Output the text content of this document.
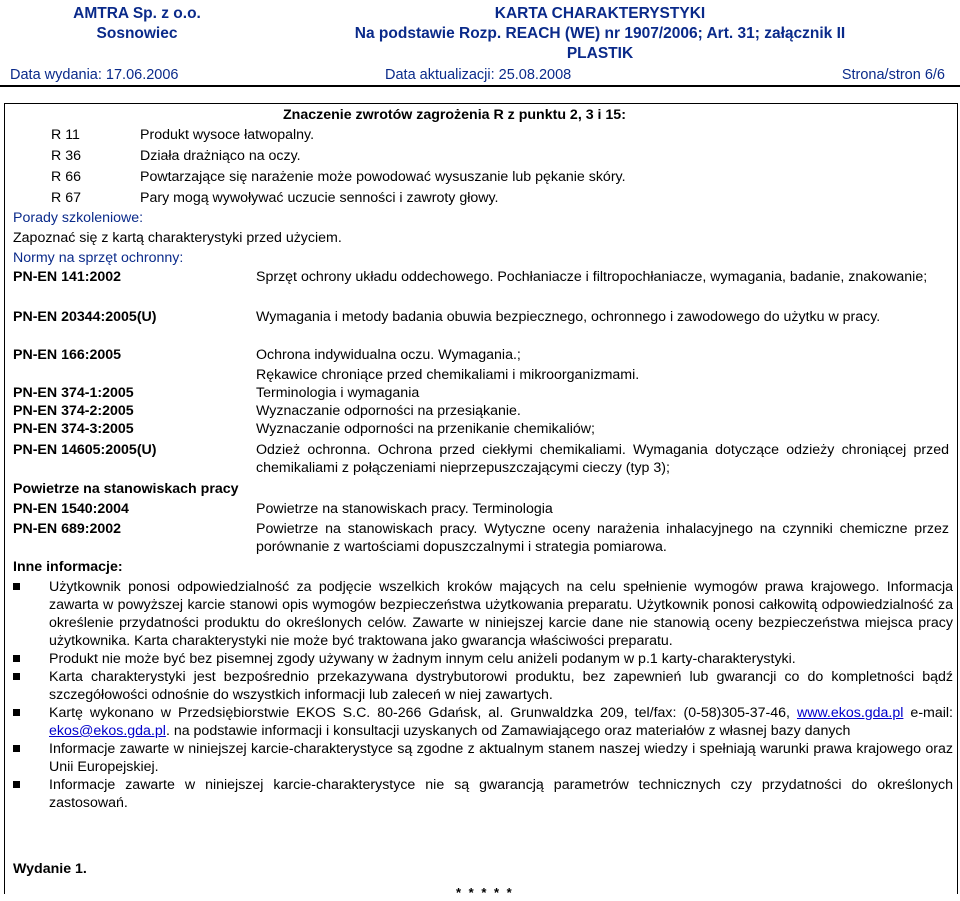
AMTRA Sp. z o.o.
Sosnowiec
KARTA CHARAKTERYSTYKI
Na podstawie Rozp. REACH (WE) nr 1907/2006; Art. 31; załącznik II
PLASTIK
Data wydania: 17.06.2006	Data aktualizacji: 25.08.2008	Strona/stron 6/6
Znaczenie zwrotów zagrożenia R z punktu 2, 3 i 15:
R 11	Produkt wysoce łatwopalny.
R 36	Działa drażniąco na oczy.
R 66	Powtarzające się narażenie może powodować wysuszanie lub pękanie skóry.
R 67	Pary mogą wywoływać uczucie senności i zawroty głowy.
Porady szkoleniowe:
Zapoznać się z kartą charakterystyki przed użyciem.
Normy na sprzęt ochronny:
PN-EN 141:2002	Sprzęt ochrony układu oddechowego. Pochłaniacze i filtropochłaniacze, wymagania, badanie, znakowanie;
PN-EN 20344:2005(U)	Wymagania i metody badania obuwia bezpiecznego, ochronnego i zawodowego do użytku w pracy.
PN-EN 166:2005	Ochrona indywidualna oczu. Wymagania.;
Rękawice chroniące przed chemikaliami i mikroorganizmami.
PN-EN 374-1:2005	Terminologia i wymagania
PN-EN 374-2:2005	Wyznaczanie odporności na przesiąkanie.
PN-EN 374-3:2005	Wyznaczanie odporności na przenikanie chemikaliów;
PN-EN 14605:2005(U)	Odzież ochronna. Ochrona przed ciekłymi chemikaliami. Wymagania dotyczące odzieży chroniącej przed chemikaliami z połączeniami nieprzepuszczającymi cieczy (typ 3);
Powietrze na stanowiskach pracy
PN-EN 1540:2004	Powietrze na stanowiskach pracy. Terminologia
PN-EN 689:2002	Powietrze na stanowiskach pracy. Wytyczne oceny narażenia inhalacyjnego na czynniki chemiczne przez porównanie z wartościami dopuszczalnymi i strategia pomiarowa.
Inne informacje:
Użytkownik ponosi odpowiedzialność za podjęcie wszelkich kroków mających na celu spełnienie wymogów prawa krajowego. Informacja zawarta w powyższej karcie stanowi opis wymogów bezpieczeństwa użytkowania preparatu. Użytkownik ponosi całkowitą odpowiedzialność za określenie przydatności produktu do określonych celów. Zawarte w niniejszej karcie dane nie stanowią oceny bezpieczeństwa miejsca pracy użytkownika. Karta charakterystyki nie może być traktowana jako gwarancja właściwości preparatu.
Produkt nie może być bez pisemnej zgody używany w żadnym innym celu aniżeli podanym w p.1 karty-charakterystyki.
Karta charakterystyki jest bezpośrednio przekazywana dystrybutorowi produktu, bez zapewnień lub gwarancji co do kompletności bądź szczegółowości odnośnie do wszystkich informacji lub zaleceń w niej zawartych.
Kartę wykonano w Przedsiębiorstwie EKOS S.C. 80-266 Gdańsk, al. Grunwaldzka 209, tel/fax: (0-58)305-37-46, www.ekos.gda.pl e-mail: ekos@ekos.gda.pl. na podstawie informacji i konsultacji uzyskanych od Zamawiającego oraz materiałów z własnej bazy danych
Informacje zawarte w niniejszej karcie-charakterystyce są zgodne z aktualnym stanem naszej wiedzy i spełniają warunki prawa krajowego oraz Unii Europejskiej.
Informacje zawarte w niniejszej karcie-charakterystyce nie są gwarancją parametrów technicznych czy przydatności do określonych zastosowań.
Wydanie 1.
* * * * *
